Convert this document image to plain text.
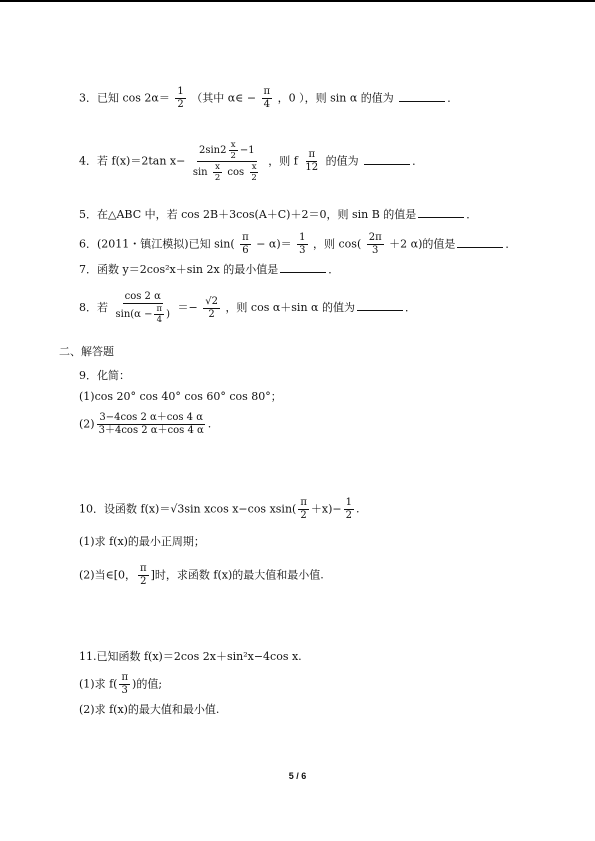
3．已知 $\cos 2\alpha= \frac{1}{2}$ （其中 α∈ − $\frac{\pi}{4}$ ，0 ），则 sin α 的值为	．
4．若 f(x)＝2tan $x- \frac{2\sin 2 \frac{x}{2} -1}{\sin \frac{x}{2} \cos \frac{x}{2}}$ ，则 f $\frac{\pi}{12}$ 的值为	．
5．在△ABC 中，若 cos 2B＋3cos(A＋C)＋2＝0，则 sin B 的值是	．
6．(2011・镇江模拟)已知 $\sin( \frac{\pi}{6} - \alpha)= \frac{1}{3}$ ，则 $\cos( \frac{2\pi}{3} +2$ α)的值是	．
7．函数 y＝2cos²x＋sin 2x 的最小值是	．
8．若 $\frac{\cos 2 \alpha}{\sin(\alpha - \frac{\pi}{4} )} =- \frac{√2}{2}$ ，则 cos α＋sin α 的值为	．
二、解答题
9．化简：
(1)cos 20° cos 40° cos 60° cos 80°；
$(2) \frac{3-4\cos 2 \alpha+\cos 4 \alpha}{3+4\cos 2 \alpha+\cos 4 \alpha}$ .
10．设函数 f(x)＝√3sin xcos x−cos $xsin( \frac{\pi}{2} +x)- \frac{1}{2}$ .
(1)求 f(x)的最小正周期；
(2)当∈[0， $\frac{\pi}{2}$ ]时，求函数 f(x)的最大值和最小值.
11.已知函数 f(x)＝2cos 2x＋sin²x−4cos x.
(1)求 $f( \frac{\pi}{3}$ )的值;
(2)求 f(x)的最大值和最小值.
5 / 6
